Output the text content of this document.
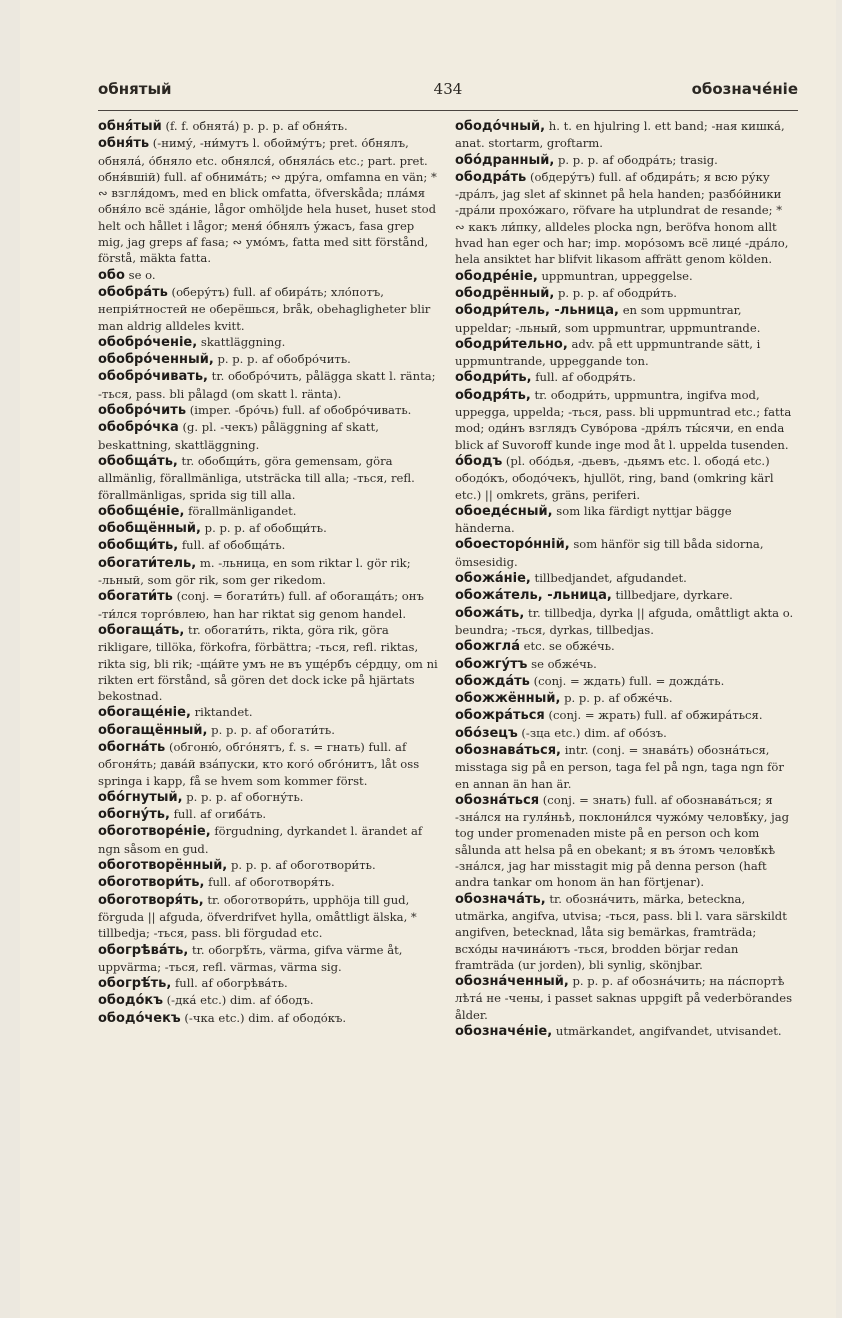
обнятый	434	обозначе́ніе

обня́тый (f. f. обнятá) p. p. p. af обня́ть.

обня́ть (-ниму́, -ни́мутъ l. обойму́тъ; pret. о́бнялъ, обнялá, о́бняло etc. обнялся́, обнялáсь etc.; part. pret. обня́вшій) full. af обнимáть; ∾ дру́га, omfamna en vän; * ∾ взгля́домъ, med en blick omfatta, öfverskåda; плáмя обня́ло всё здáніе, lågor omhöljde hela huset, huset stod helt och hållet i lågor; меня́ о́бнялъ у́жасъ, fasa grep mig, jag greps af fasa; ∾ умо́мъ, fatta med sitt förstånd, förstå, mäkta fatta.

обо se o.

обобрáть (оберу́тъ) full. af обирáть; хло́потъ, непрія́тностей не оберёшься, bråk, obehagligheter blir man aldrig alldeles kvitt.

обобро́ченіе, skattläggning.

обобро́ченный, p. p. p. af обобро́чить.

обобро́чивать, tr. обобро́чить, pålägga skatt l. ränta; -ться, pass. bli pålagd (om skatt l. ränta).

обобро́чить (imper. -бро́чь) full. af обобро́чивать.

обобро́чка (g. pl. -чекъ) påläggning af skatt, beskattning, skattläggning.

обобщáть, tr. обобщи́ть, göra gemensam, göra allmänlig, förallmänliga, utsträcka till alla; -ться, refl. förallmänligas, sprida sig till alla.

обобще́ніе, förallmänligandet.

обобщённый, p. p. p. af обобщи́ть.

обобщи́ть, full. af обобщáть.

обогати́тель, m. -льница, en som riktar l. gör rik; -льный, som gör rik, som ger rikedom.

обогати́ть (conj. = богати́ть) full. af обогащáть; онъ -ти́лся торго́влею, han har riktat sig genom handel.

обогащáть, tr. обогати́ть, rikta, göra rik, göra rikligare, tillöka, förkofra, förbättra; -ться, refl. riktas, rikta sig, bli rik; -щáйте умъ не въ уще́рбъ се́рдцу, om ni rikten ert förstånd, så gören det dock icke på hjärtats bekostnad.

обогаще́ніе, riktandet.

обогащённый, p. p. p. af обогати́ть.

обогнáть (обгоню́, обго́нятъ, f. s. = гнать) full. af обгоня́ть; давáй взáпуски, кто кого́ обго́нитъ, låt oss springa i kapp, få se hvem som kommer först.

обо́гнутый, p. p. p. af обогну́ть.

обогну́ть, full. af огибáть.

обоготворе́ніе, förgudning, dyrkandet l. ärandet af ngn såsom en gud.

обоготворённый, p. p. p. af обоготвори́ть.

обоготвори́ть, full. af обоготворя́ть.

обоготворя́ть, tr. обоготвори́ть, upphöja till gud, förguda || afguda, öfverdrifvet hylla, omåttligt älska, * tillbedja; -ться, pass. bli förgudad etc.

обогрѣвáть, tr. обогрѣ́ть, värma, gifva värme åt, uppvärma; -ться, refl. värmas, värma sig.

обогрѣ́ть, full. af обогрѣвáть.

ободо́къ (-дкá etc.) dim. af о́бодъ.

ободо́чекъ (-чка etc.) dim. af ободо́къ.

ободо́чный, h. t. en hjulring l. ett band; -ная кишкá, anat. stortarm, groftarm.

обо́дранный, p. p. p. af ободрáть; trasig.

ободрáть (обдеру́тъ) full. af обдирáть; я всю ру́ку -дрáлъ, jag slet af skinnet på hela handen; разбо́йники -дрáли прохо́жаго, röfvare ha utplundrat de resande; * ∾ какъ ли́пку, alldeles plocka ngn, beröfva honom allt hvad han eger och har; imp. моро́зомъ всё лицé -дрáло, hela ansiktet har blifvit likasom affrätt genom kölden.

ободре́ніе, uppmuntran, uppeggelse.

ободрённый, p. p. p. af ободри́ть.

ободри́тель, -льница, en som uppmuntrar, uppeldar; -льный, som uppmuntrar, uppmuntrande.

ободри́тельно, adv. på ett uppmuntrande sätt, i uppmuntrande, uppeggande ton.

ободри́ть, full. af ободря́ть.

ободря́ть, tr. ободри́ть, uppmuntra, ingifva mod, uppegga, uppelda; -ться, pass. bli uppmuntrad etc.; fatta mod; оди́нъ взглядъ Суво́рова -дря́лъ ты́сячи, en enda blick af Suvoroff kunde inge mod åt l. uppelda tusenden.

о́бодъ (pl. обо́дья, -дьевъ, -дьямъ etc. l. ободá etc.) ободо́къ, ободо́чекъ, hjullöt, ring, band (omkring kärl etc.) || omkrets, gräns, periferi.

обоеде́сный, som lika färdigt nyttjar bägge händerna.

обоесторо́нній, som hänför sig till båda sidorna, ömsesidig.

обожáніе, tillbedjandet, afgudandet.

обожáтель, -льница, tillbedjare, dyrkare.

обожáть, tr. tillbedja, dyrka || afguda, omåttligt akta o. beundra; -ться, dyrkas, tillbedjas.

обожглá etc. se обже́чь.

обожгу́тъ se обже́чь.

обождáть (conj. = ждать) full. = дождáть.

обожжённый, p. p. p. af обже́чь.

обожрáться (conj. = жрать) full. af обжирáться.

обо́зецъ (-зца etc.) dim. af обо́зъ.

обознавáться, intr. (conj. = знавáть) обознáться, misstaga sig på en person, taga fel på ngn, taga ngn för en annan än han är.

обознáться (conj. = знать) full. af обознавáться; я -знáлся на гуля́ньѣ, поклони́лся чужо́му человѣ́ку, jag tog under promenaden miste på en person och kom sålunda att helsa på en obekant; я въ э́томъ человѣ́кѣ -знáлся, jag har misstagit mig på denna person (haft andra tankar om honom än han förtjenar).

обозначáть, tr. обознáчить, märka, beteckna, utmärka, angifva, utvisa; -ться, pass. bli l. vara särskildt angifven, betecknad, låta sig bemärkas, framträda; всхо́ды начинáютъ -ться, brodden börjar redan framträda (ur jorden), bli synlig, skönjbar.

обознáченный, p. p. p. af обознáчить; на пáспортѣ лѣтá не -чены, i passet saknas uppgift på vederbörandes ålder.

обозначе́ніе, utmärkandet, angifvandet, utvisandet.
